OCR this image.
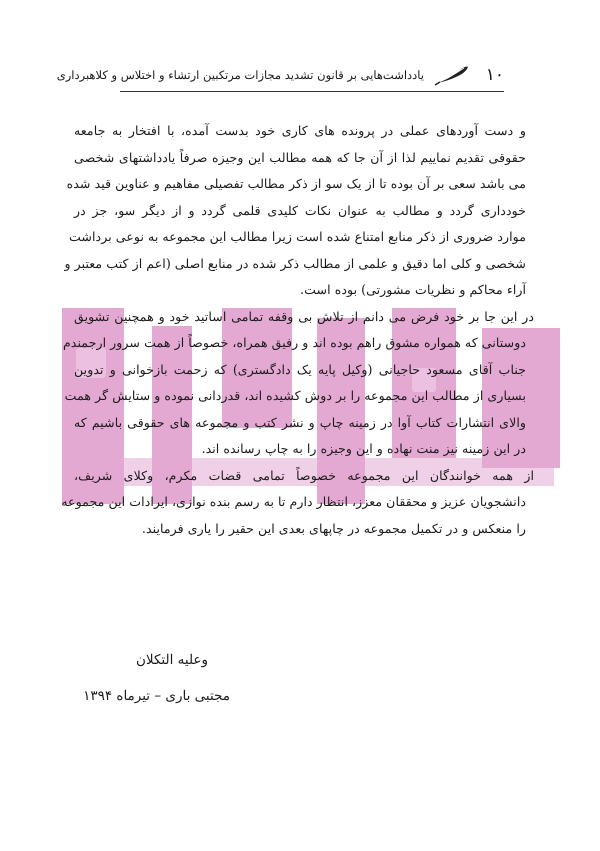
۱۰
یادداشت‌هایی بر قانون تشدید مجازات مرتکبین ارتشاء و اختلاس و کلاهبرداری
و دست آوردهای عملی در پرونده های کاری خود بدست آمده، با افتخار به جامعه
حقوقی تقدیم نماییم لذا از آن جا که همه مطالب این وجیزه صرفاً یادداشتهای شخصی
می باشد سعی بر آن بوده تا از یک سو از ذکر مطالب تفصیلی مفاهیم و عناوین قید شده
خودداری گردد و مطالب به عنوان نکات کلیدی قلمی گردد و از دیگر سو، جز در
موارد ضروری از ذکر منابع امتناع شده است زیرا مطالب این مجموعه به نوعی برداشت
شخصی و کلی اما دقیق و علمی از مطالب ذکر شده در منابع اصلی (اعم از کتب معتبر و
آراء محاکم و نظریات مشورتی) بوده است.
در این جا بر خود فرض می دانم از تلاش بی وقفه تمامی اساتید خود و همچنین تشویق
دوستانی که همواره مشوق راهم بوده اند و رفیق همراه، خصوصاً از همت سرور ارجمندم
جناب آقای مسعود حاجیانی (وکیل پایه یک دادگستری) که زحمت بازخوانی و تدوین
بسیاری از مطالب این مجموعه را بر دوش کشیده اند، قدردانی نموده و ستایش گر همت
والای انتشارات کتاب آوا در زمینه چاپ و نشر کتب و مجموعه های حقوقی باشیم که
در این زمینه نیز منت نهاده و این وجیزه را به چاپ رسانده اند.
از همه خوانندگان این مجموعه خصوصاً تمامی قضات مکرم، وکلای شریف،
دانشجویان عزیز و محققان معزز، انتظار دارم تا به رسم بنده نوازی، ایرادات این مجموعه
را منعکس و در تکمیل مجموعه در چاپهای بعدی این حقیر را یاری فرمایند.
وعلیه التکلان
مجتبی باری – تیرماه ۱۳۹۴
